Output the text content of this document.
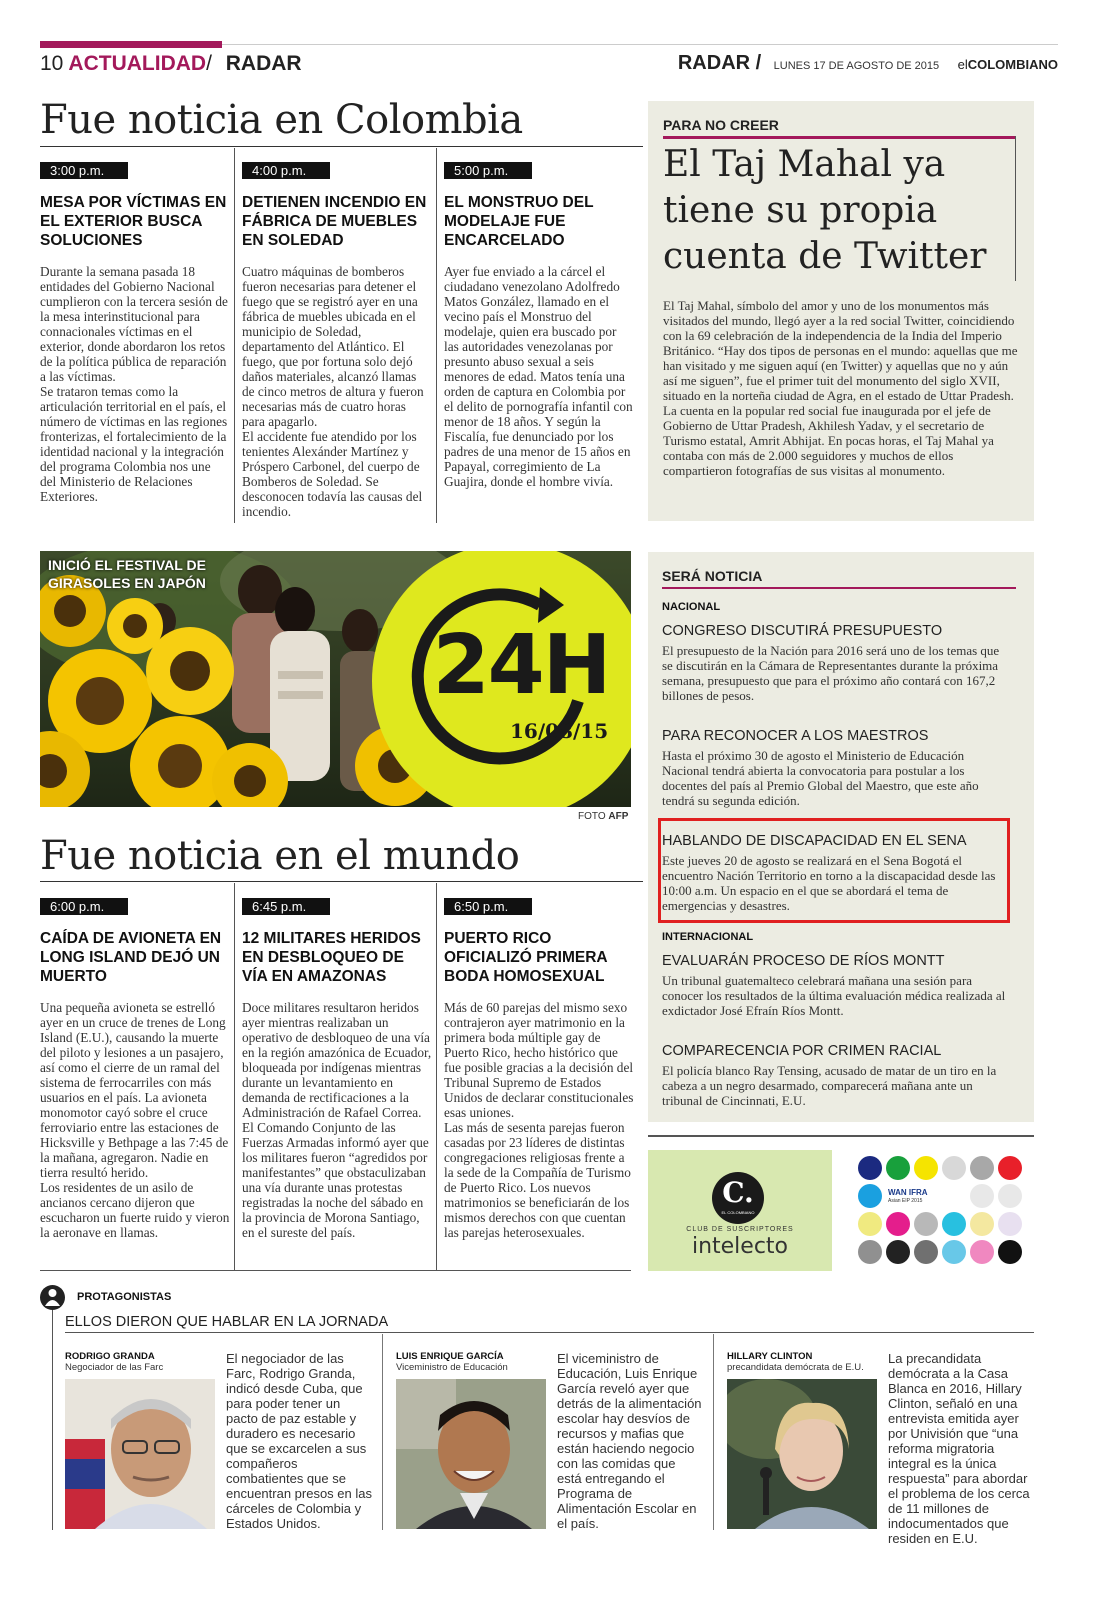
10 ACTUALIDAD/ RADAR	RADAR / LUNES 17 DE AGOSTO DE 2015 elCOLOMBIANO
Fue noticia en Colombia
3:00 p.m.
MESA POR VÍCTIMAS EN EL EXTERIOR BUSCA SOLUCIONES

Durante la semana pasada 18 entidades del Gobierno Nacional cumplieron con la tercera sesión de la mesa interinstitucional para connacionales víctimas en el exterior, donde abordaron los retos de la política pública de reparación a las víctimas.

Se trataron temas como la articulación territorial en el país, el número de víctimas en las regiones fronterizas, el fortalecimiento de la identidad nacional y la integración del programa Colombia nos une del Ministerio de Relaciones Exteriores.

4:00 p.m.
DETIENEN INCENDIO EN FÁBRICA DE MUEBLES EN SOLEDAD

Cuatro máquinas de bomberos fueron necesarias para detener el fuego que se registró ayer en una fábrica de muebles ubicada en el municipio de Soledad, departamento del Atlántico. El fuego, que por fortuna solo dejó daños materiales, alcanzó llamas de cinco metros de altura y fueron necesarias más de cuatro horas para apagarlo.

El accidente fue atendido por los tenientes Alexánder Martínez y Próspero Carbonel, del cuerpo de Bomberos de Soledad. Se desconocen todavía las causas del incendio.

5:00 p.m.
EL MONSTRUO DEL MODELAJE FUE ENCARCELADO

Ayer fue enviado a la cárcel el ciudadano venezolano Adolfredo Matos González, llamado en el vecino país el Monstruo del modelaje, quien era buscado por las autoridades venezolanas por presunto abuso sexual a seis menores de edad. Matos tenía una orden de captura en Colombia por el delito de pornografía infantil con menor de 18 años. Y según la Fiscalía, fue denunciado por los padres de una menor de 15 años en Papayal, corregimiento de La Guajira, donde el hombre vivía.

PARA NO CREER
El Taj Mahal ya tiene su propia cuenta de Twitter

El Taj Mahal, símbolo del amor y uno de los monumentos más visitados del mundo, llegó ayer a la red social Twitter, coincidiendo con la 69 celebración de la independencia de la India del Imperio Británico. “Hay dos tipos de personas en el mundo: aquellas que me han visitado y me siguen aquí (en Twitter) y aquellas que no y aún así me siguen”, fue el primer tuit del monumento del siglo XVII, situado en la norteña ciudad de Agra, en el estado de Uttar Pradesh.

La cuenta en la popular red social fue inaugurada por el jefe de Gobierno de Uttar Pradesh, Akhilesh Yadav, y el secretario de Turismo estatal, Amrit Abhijat. En pocas horas, el Taj Mahal ya contaba con más de 2.000 seguidores y muchos de ellos compartieron fotografías de sus visitas al monumento.

24H
16/08/15
INICIÓ EL FESTIVAL DE GIRASOLES EN JAPÓN
FOTO AFP
SERÁ NOTICIA
NACIONAL
CONGRESO DISCUTIRÁ PRESUPUESTO
El presupuesto de la Nación para 2016 será uno de los temas que se discutirán en la Cámara de Representantes durante la próxima semana, presupuesto que para el próximo año contará con 167,2 billones de pesos.
PARA RECONOCER A LOS MAESTROS
Hasta el próximo 30 de agosto el Ministerio de Educación Nacional tendrá abierta la convocatoria para postular a los docentes del país al Premio Global del Maestro, que este año tendrá su segunda edición.
HABLANDO DE DISCAPACIDAD EN EL SENA
Este jueves 20 de agosto se realizará en el Sena Bogotá el encuentro Nación Territorio en torno a la discapacidad desde las 10:00 a.m. Un espacio en el que se abordará el tema de emergencias y desastres.
INTERNACIONAL
EVALUARÁN PROCESO DE RÍOS MONTT
Un tribunal guatemalteco celebrará mañana una sesión para conocer los resultados de la última evaluación médica realizada al exdictador José Efraín Ríos Montt.
COMPARECENCIA POR CRIMEN RACIAL
El policía blanco Ray Tensing, acusado de matar de un tiro en la cabeza a un negro desarmado, comparecerá mañana ante un tribunal de Cincinnati, E.U.
Fue noticia en el mundo
6:00 p.m.
CAÍDA DE AVIONETA EN LONG ISLAND DEJÓ UN MUERTO

Una pequeña avioneta se estrelló ayer en un cruce de trenes de Long Island (E.U.), causando la muerte del piloto y lesiones a un pasajero, así como el cierre de un ramal del sistema de ferrocarriles con más usuarios en el país. La avioneta monomotor cayó sobre el cruce ferroviario entre las estaciones de Hicksville y Bethpage a las 7:45 de la mañana, agregaron. Nadie en tierra resultó herido.

Los residentes de un asilo de ancianos cercano dijeron que escucharon un fuerte ruido y vieron la aeronave en llamas.

6:45 p.m.
12 MILITARES HERIDOS EN DESBLOQUEO DE VÍA EN AMAZONAS

Doce militares resultaron heridos ayer mientras realizaban un operativo de desbloqueo de una vía en la región amazónica de Ecuador, bloqueada por indígenas mientras durante un levantamiento en demanda de rectificaciones a la Administración de Rafael Correa.

El Comando Conjunto de las Fuerzas Armadas informó ayer que los militares fueron “agredidos por manifestantes” que obstaculizaban una vía durante unas protestas registradas la noche del sábado en la provincia de Morona Santiago, en el sureste del país.

6:50 p.m.
PUERTO RICO OFICIALIZÓ PRIMERA BODA HOMOSEXUAL

Más de 60 parejas del mismo sexo contrajeron ayer matrimonio en la primera boda múltiple gay de Puerto Rico, hecho histórico que fue posible gracias a la decisión del Tribunal Supremo de Estados Unidos de declarar constitucionales esas uniones.

Las más de sesenta parejas fueron casadas por 23 líderes de distintas congregaciones religiosas frente a la sede de la Compañía de Turismo de Puerto Rico. Los nuevos matrimonios se beneficiarán de los mismos derechos con que cuentan las parejas heterosexuales.

C.
EL COLOMBIANO
CLUB DE SUSCRIPTORES
intelecto
WAN IFRA
Asian EIP 2015
PROTAGONISTAS
ELLOS DIERON QUE HABLAR EN LA JORNADA
RODRIGO GRANDA
Negociador de las Farc
El negociador de las Farc, Rodrigo Granda, indicó desde Cuba, que para poder tener un pacto de paz estable y duradero es necesario que se excarcelen a sus compañeros combatientes que se encuentran presos en las cárceles de Colombia y Estados Unidos.
LUIS ENRIQUE GARCÍA
Viceministro de Educación
El viceministro de Educación, Luis Enrique García reveló ayer que detrás de la alimentación escolar hay desvíos de recursos y mafias que están haciendo negocio con las comidas que está entregando el Programa de Alimentación Escolar en el país.
HILLARY CLINTON
precandidata demócrata de E.U.
La precandidata demócrata a la Casa Blanca en 2016, Hillary Clinton, señaló en una entrevista emitida ayer por Univisión que “una reforma migratoria integral es la única respuesta” para abordar el problema de los cerca de 11 millones de indocumentados que residen en E.U.
